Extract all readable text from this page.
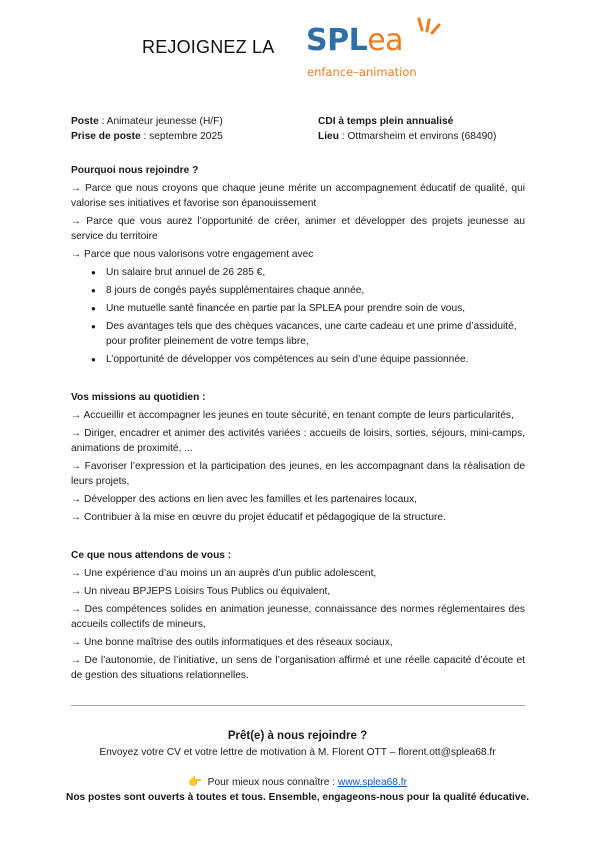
REJOIGNEZ LA SPLea
enfance–animation
Poste : Animateur jeunesse (H/F)	CDI à temps plein annualisé
Prise de poste : septembre 2025	Lieu : Ottmarsheim et environs (68490)
Pourquoi nous rejoindre ?
→ Parce que nous croyons que chaque jeune mérite un accompagnement éducatif de qualité, qui valorise ses initiatives et favorise son épanouissement
→ Parce que vous aurez l’opportunité de créer, animer et développer des projets jeunesse au service du territoire
→ Parce que nous valorisons votre engagement avec
● Un salaire brut annuel de 26 285 €,
● 8 jours de congés payés supplémentaires chaque année,
● Une mutuelle santé financée en partie par la SPLEA pour prendre soin de vous,
● Des avantages tels que des chèques vacances, une carte cadeau et une prime d’assiduité, pour profiter pleinement de votre temps libre,
● L’opportunité de développer vos compétences au sein d’une équipe passionnée.
Vos missions au quotidien :
→ Accueillir et accompagner les jeunes en toute sécurité, en tenant compte de leurs particularités,
→ Diriger, encadrer et animer des activités variées : accueils de loisirs, sorties, séjours, mini-camps, animations de proximité, ...
→ Favoriser l’expression et la participation des jeunes, en les accompagnant dans la réalisation de leurs projets,
→ Développer des actions en lien avec les familles et les partenaires locaux,
→ Contribuer à la mise en œuvre du projet éducatif et pédagogique de la structure.
Ce que nous attendons de vous :
→ Une expérience d’au moins un an auprès d’un public adolescent,
→ Un niveau BPJEPS Loisirs Tous Publics ou équivalent,
→ Des compétences solides en animation jeunesse, connaissance des normes réglementaires des accueils collectifs de mineurs,
→ Une bonne maîtrise des outils informatiques et des réseaux sociaux,
→ De l’autonomie, de l’initiative, un sens de l’organisation affirmé et une réelle capacité d’écoute et de gestion des situations relationnelles.
Prêt(e) à nous rejoindre ?
Envoyez votre CV et votre lettre de motivation à M. Florent OTT – florent.ott@splea68.fr
👉 Pour mieux nous connaître : www.splea68.fr
Nos postes sont ouverts à toutes et tous. Ensemble, engageons-nous pour la qualité éducative.
